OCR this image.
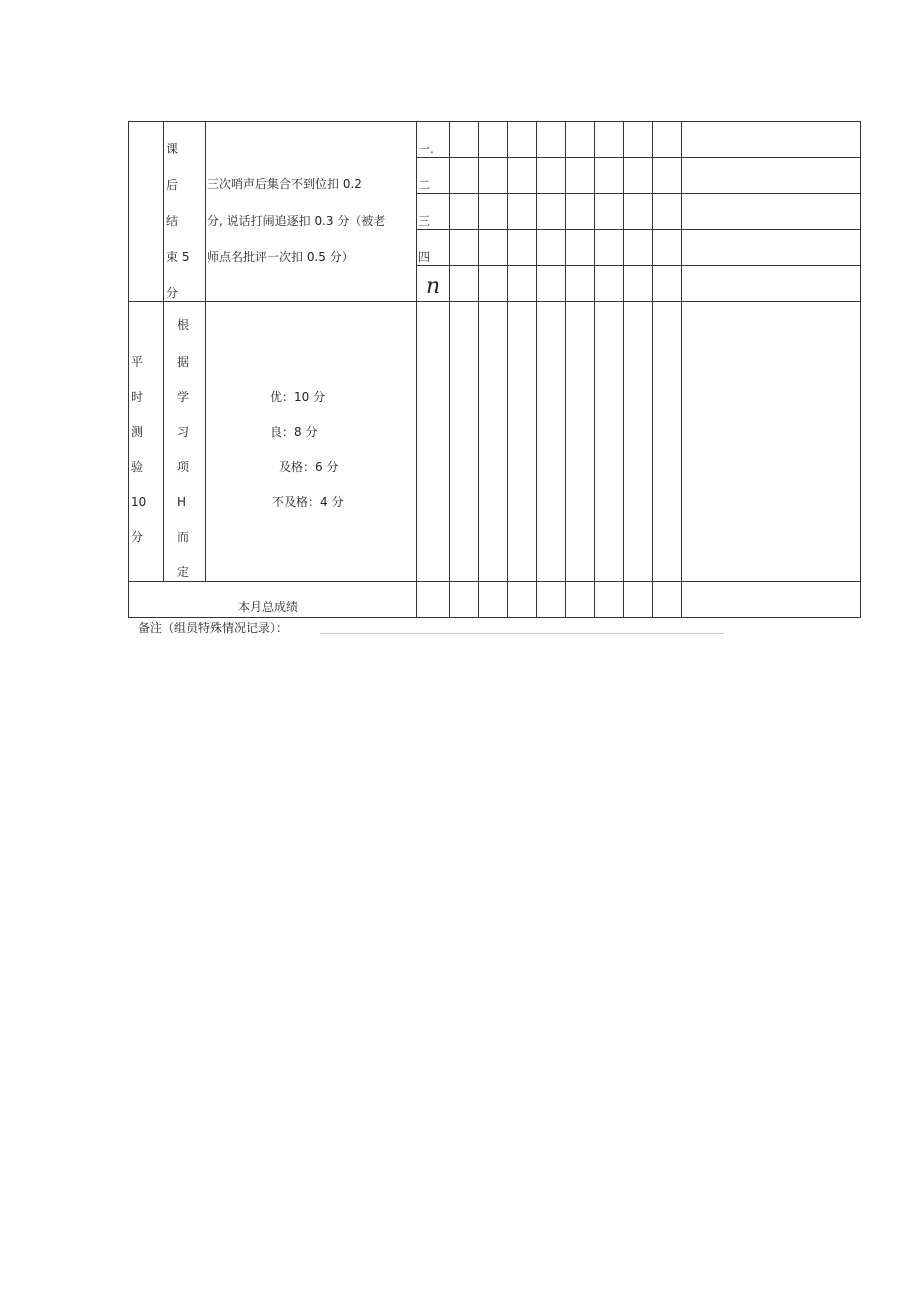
课
后
结
束 5
分
三次哨声后集合不到位扣 0.2
分, 说话打闹追逐扣 0.3 分（被老
师点名批评一次扣 0.5 分）
一.
二
三
四
n
平
时
测
验
10
分
根
据
学
习
项
H
而
定
优：10 分
良：8 分
及格：6 分
不及格：4 分
本月总成绩
备注（组员特殊情况记录）：
